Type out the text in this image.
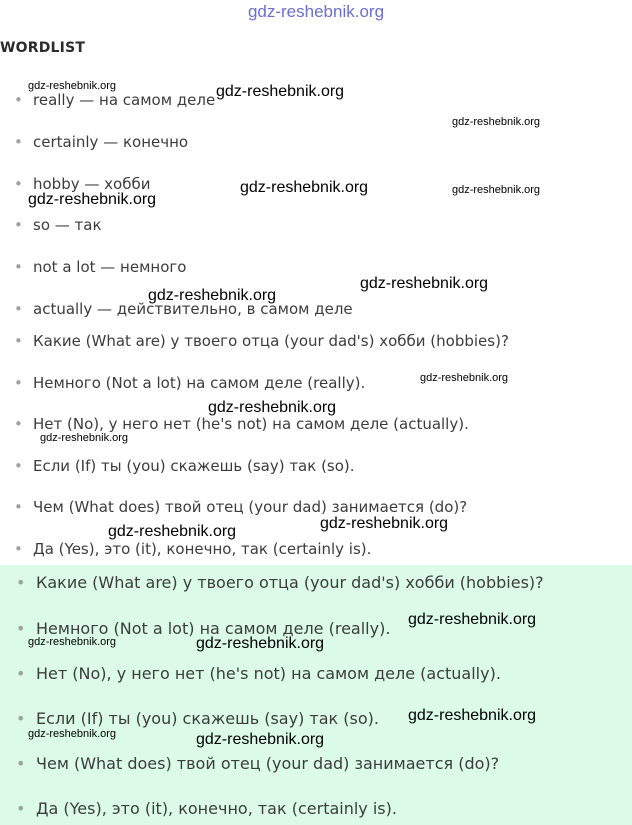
gdz-reshebnik.org
WORDLIST
• really — на самом деле
• certainly — конечно
• hobby — хобби
• so — так
• not a lot — немного
• actually — действительно, в самом деле
• Какие (What are) у твоего отца (your dad's) хобби (hobbies)?
• Немного (Not a lot) на самом деле (really).
• Нет (No), у него нет (he's not) на самом деле (actually).
• Если (If) ты (you) скажешь (say) так (so).
• Чем (What does) твой отец (your dad) занимается (do)?
• Да (Yes), это (it), конечно, так (certainly is).
• Какие (What are) у твоего отца (your dad's) хобби (hobbies)?
• Немного (Not a lot) на самом деле (really).
• Нет (No), у него нет (he's not) на самом деле (actually).
• Если (If) ты (you) скажешь (say) так (so).
• Чем (What does) твой отец (your dad) занимается (do)?
• Да (Yes), это (it), конечно, так (certainly is).
gdz-reshebnik.org	gdz-reshebnik.org
gdz-reshebnik.org
gdz-reshebnik.org	gdz-reshebnik.org
gdz-reshebnik.org
gdz-reshebnik.org
gdz-reshebnik.org
gdz-reshebnik.org
gdz-reshebnik.org
gdz-reshebnik.org
gdz-reshebnik.org
gdz-reshebnik.org
gdz-reshebnik.org
gdz-reshebnik.org	gdz-reshebnik.org
gdz-reshebnik.org
gdz-reshebnik.org	gdz-reshebnik.org
